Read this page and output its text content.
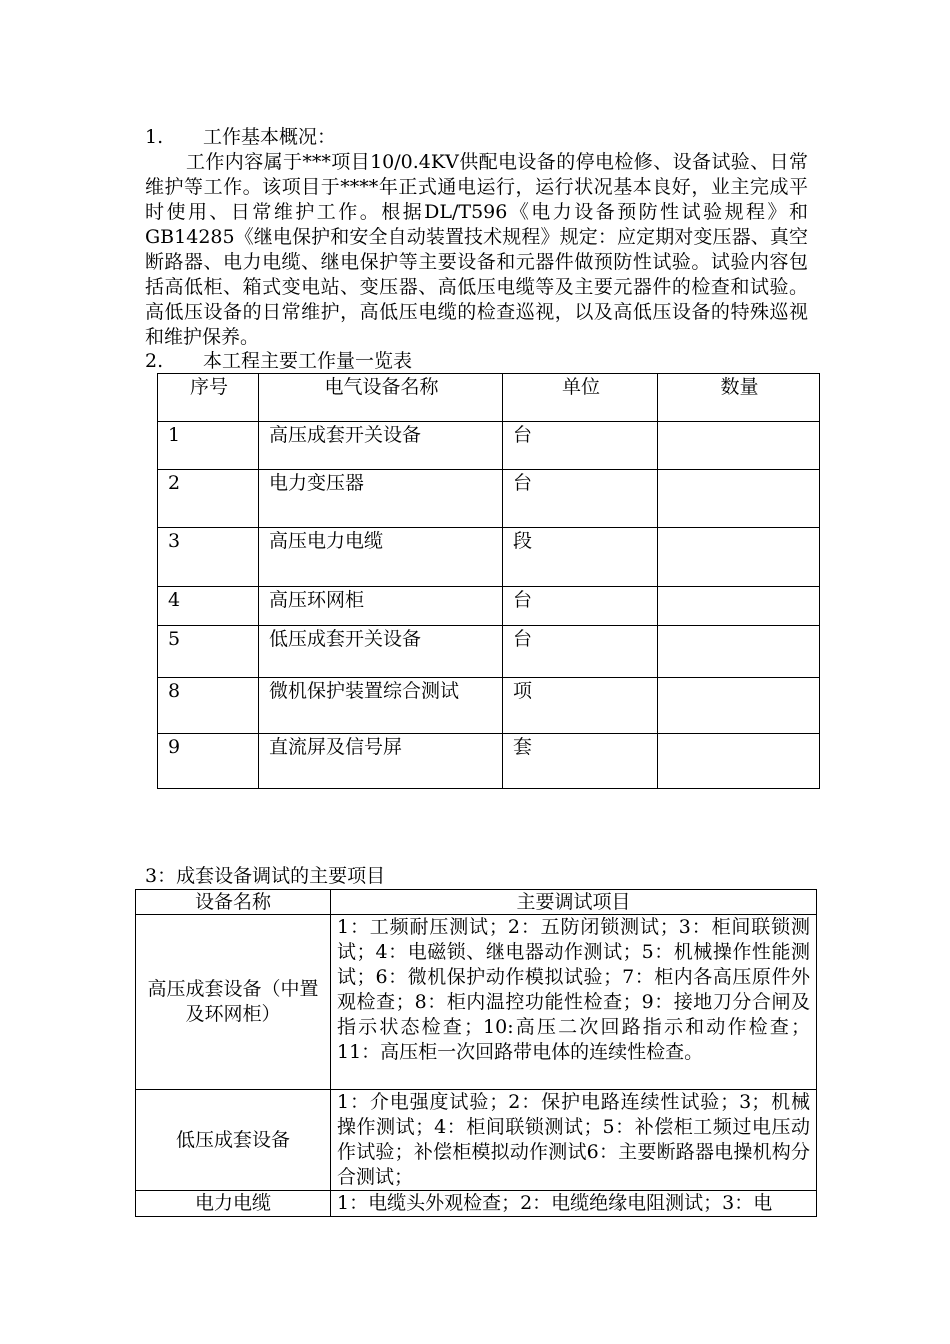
1. 工作基本概况：

工作内容属于***项目10/0.4KV供配电设备的停电检修、设备试验、日常维护等工作。该项目于****年正式通电运行，运行状况基本良好，业主完成平时使用、日常维护工作。根据DL/T596《电力设备预防性试验规程》和GB14285《继电保护和安全自动装置技术规程》规定：应定期对变压器、真空断路器、电力电缆、继电保护等主要设备和元器件做预防性试验。试验内容包括高低柜、箱式变电站、变压器、高低压电缆等及主要元器件的检查和试验。高低压设备的日常维护，高低压电缆的检查巡视，以及高低压设备的特殊巡视和维护保养。

2. 本工程主要工作量一览表
序号	电气设备名称	单位	数量
1	高压成套开关设备	台	
2	电力变压器	台	
3	高压电力电缆	段	
4	高压环网柜	台	
5	低压成套开关设备	台	
8	微机保护装置综合测试	项	
9	直流屏及信号屏	套	
3：成套设备调试的主要项目
设备名称	主要调试项目
高压成套设备（中置及环网柜）	1：工频耐压测试；2：五防闭锁测试；3：柜间联锁测试；4：电磁锁、继电器动作测试；5：机械操作性能测试；6：微机保护动作模拟试验；7：柜内各高压原件外观检查；8：柜内温控功能性检查；9：接地刀分合闸及指示状态检查；10:高压二次回路指示和动作检查； 11：高压柜一次回路带电体的连续性检查。
低压成套设备	1：介电强度试验；2：保护电路连续性试验；3；机械操作测试；4：柜间联锁测试；5：补偿柜工频过电压动作试验；补偿柜模拟动作测试6：主要断路器电操机构分合测试；
电力电缆	1：电缆头外观检查；2：电缆绝缘电阻测试；3：电
